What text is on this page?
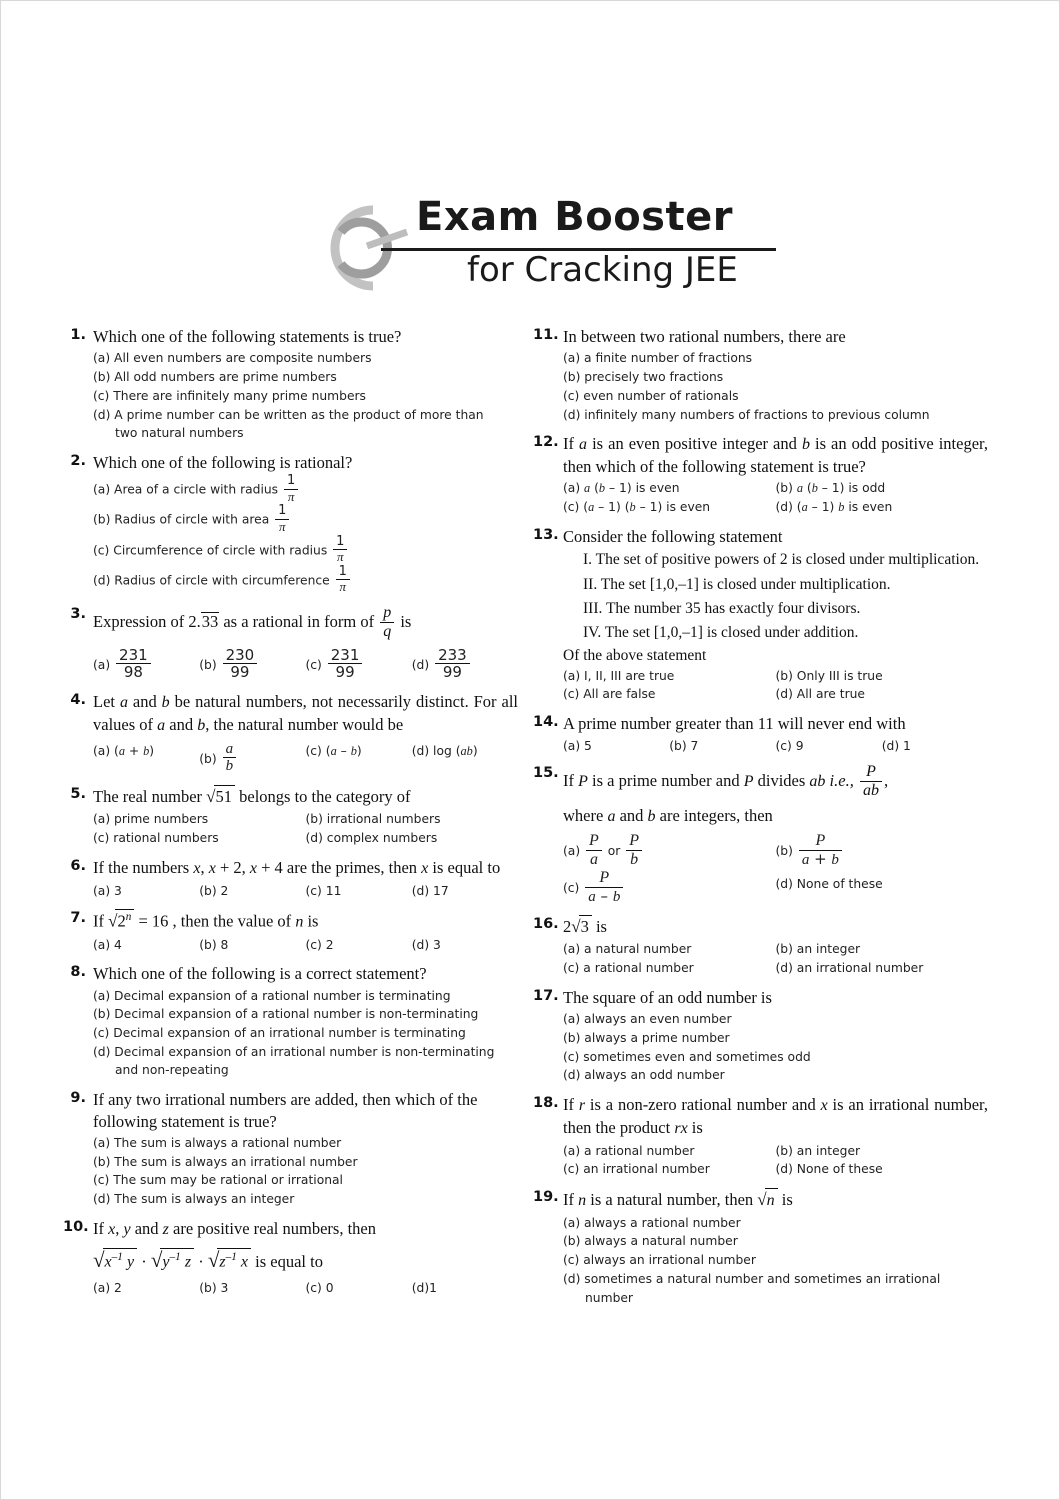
Exam Booster
for Cracking JEE
1. Which one of the following statements is true?
(a) All even numbers are composite numbers
(b) All odd numbers are prime numbers
(c) There are infinitely many prime numbers
(d) A prime number can be written as the product of more than

two natural numbers
2. Which one of the following is rational?
(a) Area of a circle with radius $\frac{1}{\pi}$
(b) Radius of circle with area $\frac{1}{\pi}$
(c) Circumference of circle with radius $\frac{1}{\pi}$
(d) Radius of circle with circumference $\frac{1}{\pi}$
3. Expression of 2.33 as a rational in form of $\frac{p}{q}$ is
$(a) \frac{231}{98}$	$(b) \frac{230}{99}$	$(c) \frac{231}{99}$	$(d) \frac{233}{99}$
4. Let a and b be natural numbers, not necessarily distinct. For all values of a and b, the natural number would be
(a) (a + b)
$(b) \frac{a}{b}$	(c) (a – b)	(d) log (ab)
5. The real number √51 belongs to the category of
(a) prime numbers	(b) irrational numbers
(c) rational numbers	(d) complex numbers
6. If the numbers x, x + 2, x + 4 are the primes, then x is equal to
(a) 3	(b) 2	(c) 11	(d) 17
7. If $√2^n = 16$ , then the value of n is
(a) 4	(b) 8	(c) 2	(d) 3
8. Which one of the following is a correct statement?
(a) Decimal expansion of a rational number is terminating
(b) Decimal expansion of a rational number is non-terminating
(c) Decimal expansion of an irrational number is terminating
(d) Decimal expansion of an irrational number is non-terminating

and non-repeating
9. If any two irrational numbers are added, then which of the following statement is true?
(a) The sum is always a rational number
(b) The sum is always an irrational number
(c) The sum may be rational or irrational
(d) The sum is always an integer
10. If x, y and z are positive real numbers, then
$√x^{-1}$ $y \cdot √y^{-1}$ $z \cdot √z^{-1}$ x is equal to
(a) 2	(b) 3	(c) 0	(d)1
11. In between two rational numbers, there are
(a) a finite number of fractions
(b) precisely two fractions
(c) even number of rationals
(d) infinitely many numbers of fractions to previous column
12. If a is an even positive integer and b is an odd positive integer, then which of the following statement is true?
(a) a (b – 1) is even	(b) a (b – 1) is odd
(c) (a – 1) (b – 1) is even	(d) (a – 1) b is even
13. Consider the following statement
I. The set of positive powers of 2 is closed under multiplication.
II. The set [1,0,–1] is closed under multiplication.
III. The number 35 has exactly four divisors.
IV. The set [1,0,–1] is closed under addition.
Of the above statement
(a) I, II, III are true	(b) Only III is true
(c) All are false	(d) All are true
14. A prime number greater than 11 will never end with
(a) 5	(b) 7	(c) 9	(d) 1
15. If P is a prime number and P divides ab i.e., $\frac{P}{ab}$ ,
where a and b are integers, then
$(a) \frac{P}{a}$ or $\frac{P}{b}$	$(b) \frac{P}{a + b}$
$(c) \frac{P}{a - b}$	(d) None of these
16. 2√3 is
(a) a natural number	(b) an integer
(c) a rational number	(d) an irrational number
17. The square of an odd number is
(a) always an even number
(b) always a prime number
(c) sometimes even and sometimes odd
(d) always an odd number
18. If r is a non-zero rational number and x is an irrational number, then the product rx is
(a) a rational number	(b) an integer
(c) an irrational number	(d) None of these
19. If n is a natural number, then √n is
(a) always a rational number
(b) always a natural number
(c) always an irrational number
(d) sometimes a natural number and sometimes an irrational

number
